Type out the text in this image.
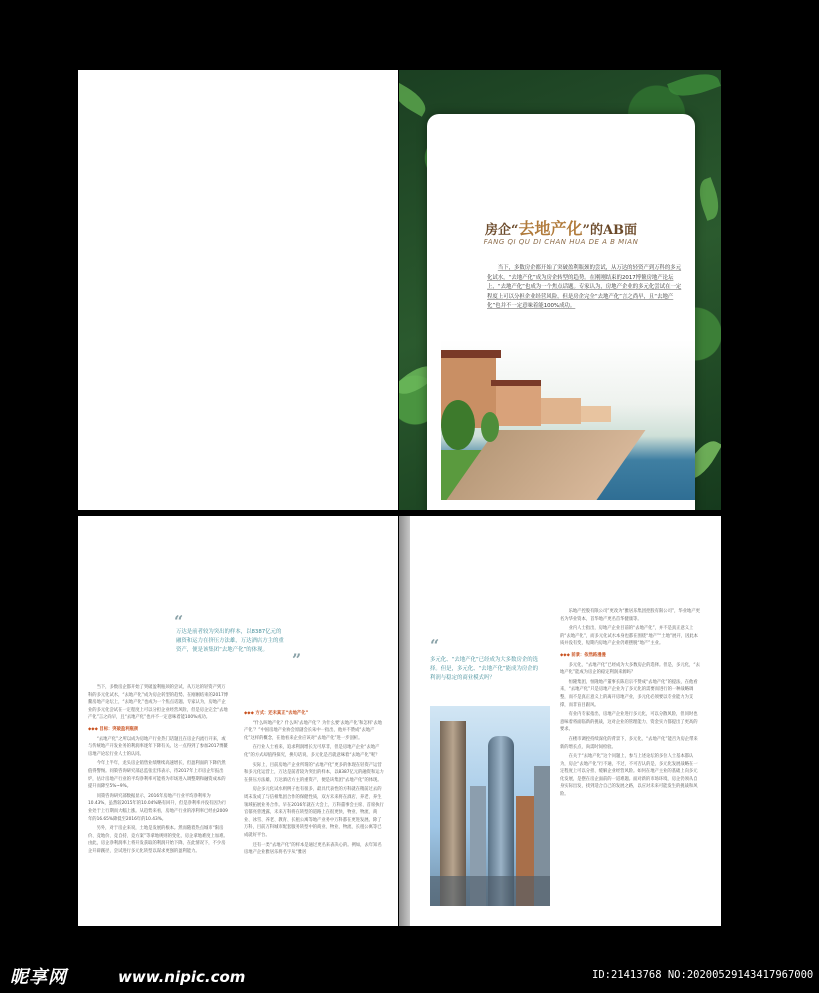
房企“去地产化”的AB面
FANG QI QU DI CHAN HUA DE A B MIAN
当下，多数房企都开始了突破盈利瓶颈的尝试，从万达的轻资产到万科的多元化试水，“去地产化”成为房企转型的趋势。在刚刚结束的2017博鳌房地产论坛上，“去地产化”也成为一个焦点话题。专家认为，房地产企业的多元化尝试在一定程度上可以分担企业经营风险，但是房企完全“去地产化”言之尚早，且“去地产化”也并不一定意味着能100%成功。
“
万达是前者较为突出的样本，以8387亿元的融资和运力在挤压方法雄，万达酒店方主的重资产，便是该集团“去地产化”的体现。	”

当下，多数房企都开始了突破盈利瓶颈的尝试，从万达的轻资产到万科的多元化试水，“去地产化”成为房企转型的趋势。在刚刚结束的2017博鳌房地产论坛上，“去地产化”也成为一个焦点话题。专家认为，房地产企业的多元化尝试在一定程度上可以分担企业经营风险，但是房企完全“去地产化”言之尚早，且“去地产化”也并不一定意味着能100%成功。

◆◆◆ 目标：突破盈利瓶颈

“去地产化”之所以成为房地产行业热门话题且在房企内流行开来，或与传统地产开发业务的利润率逐年下降有关。这一点得到了参加2017博鳌房地产论坛行业人士的认同。

今年上半年，龙头房企销售业绩继续高速增长，但盈利面的下降仍然值得警惕。同策咨询研究部总监张宏伟表示，待2017年上市房企年报出炉，估计房地产行业的平均净利率可能将为市场进入调整期和融资成本的提升而降至5%~9%。

同策咨询研究部数据显示，2016年房地产行业平均净利率为10.43%，虽然较2015年的10.04%略有回升，但是净利率并没有因为行业处于上行期而大幅上涨。从趋势来看，房地产行业的净利率已经由2009年的16.65%降低至2016年的10.43%。

另外，对于房企来说，土地是发展的根本。然而随着热点城市“限房价、竞地价、竞自持、竞方案”等拿地规则的变化，房企拿地难度上加难。由此，房企净利润率上将开发获取的利润开始下降，在此情况下，不少房企开辟蹊径，尝试进行多元化转型以谋求更强的盈利能力。

◆◆◆ 方式：还未真正“去地产化”

“什么叫地产化？什么叫‘去地产化’？为什么要‘去地产化’和怎样‘去地产化’？”中国房地产业协会原副会长朱中一指出，他并不赞成“去地产化”这样的概念，在他看来企业应该对“去地产化”进一步剖析。

在行业人士看来，追求利润增长无可厚非，但是房地产企业“去地产化”的方式却值得探究，换句话说，多元化是否就意味着“去地产化”呢？

实际上，目前房地产企业所谓的“去地产化”更多的体现在轻资产运营和多元化运营上，万达是前者较为突出的样本，以8387亿元的融资和运力在挤压方法雄，万达酒店方主的重资产，便是该集团“去地产化”的体现。

房企多元化试水则例子也有很多，最具代表性的方科就在稍前过去的周末发成了与信相集团合作的保健性质，双方未来将在酒店、养老、养生领域拓展业务合作。早在2016年就在大会上，万科董事会主席、首席执行官郁亮曾透露，未来万科将在转型的道路上在很更快，物业、物流、商业、冰雪、养老、教育、长租公寓等地产业务中万科都在更进发展。除了万科，目前万科城市配套服务转型中的商业、物业、物流、长租公寓等已成就好平台。

还有一类“去地产化”的样本是通过更名来表决心的。例如，去年知名房地产企业雅居乐将名字从“雅居

“
多元化、“去地产化”已经成为大多数房企的选择。但是，多元化、“去地产化”能成为房企的利润与稳定的商业模式吗？

乐地产控股有限公司”更改为“雅居乐集团控股有限公司”，华业地产更名为华业资本，首华地产更名首华健康等。

业内人士指出，房地产企业目前的“去地产化”，并不是真正意义上的“去地产化”，而多元化试水本身也都在围绕“地产”“土地”展开，因此本质并没有变，短期内房地产企业仍难摆脱“地产”主业。

◆◆◆ 前景：依然路漫漫

多元化，“去地产化”已经成为大多数房企的选择。但是，多元化，“去地产化”能成为房企的稳定利润来源吗？

恒隆集团、恒隆地产董事长陈启宗不赞成“去地产化”的提法，在他看来，“去地产化”只是房地产企业为了多元化的需要而进行的一种战略调整，而不是真正意义上的离开房地产业，多元化必须要以专业能力为支撑，而非盲目跟风。

有业内专家指出，房地产企业进行多元化，可以分散风险，但同时也意味着将面临新的挑战，这对企业的管理能力、资金实力都提出了更高的要求。

在楼市调控持续深化的背景下，多元化、“去地产化”能否为房企带来新的增长点，尚需时间检验。

在关于“去地产化”这个问题上，参与上述论坛的多位人士基本都认为，房企“去地产化”行不通，不过，不可否认的是，多元化发展战略在一定程度上可以分担、缓解企业经营风险。如何在地产主业的基础上向多元化发展，是摆在房企面前的一道难题。面对新的市场环境，房企仍须从自身实际出发，找到适合自己的发展之路，以应对未来可能发生的挑战和风险。

昵享网	www.nipic.com	ID:21413768 NO:20200529143417967000
